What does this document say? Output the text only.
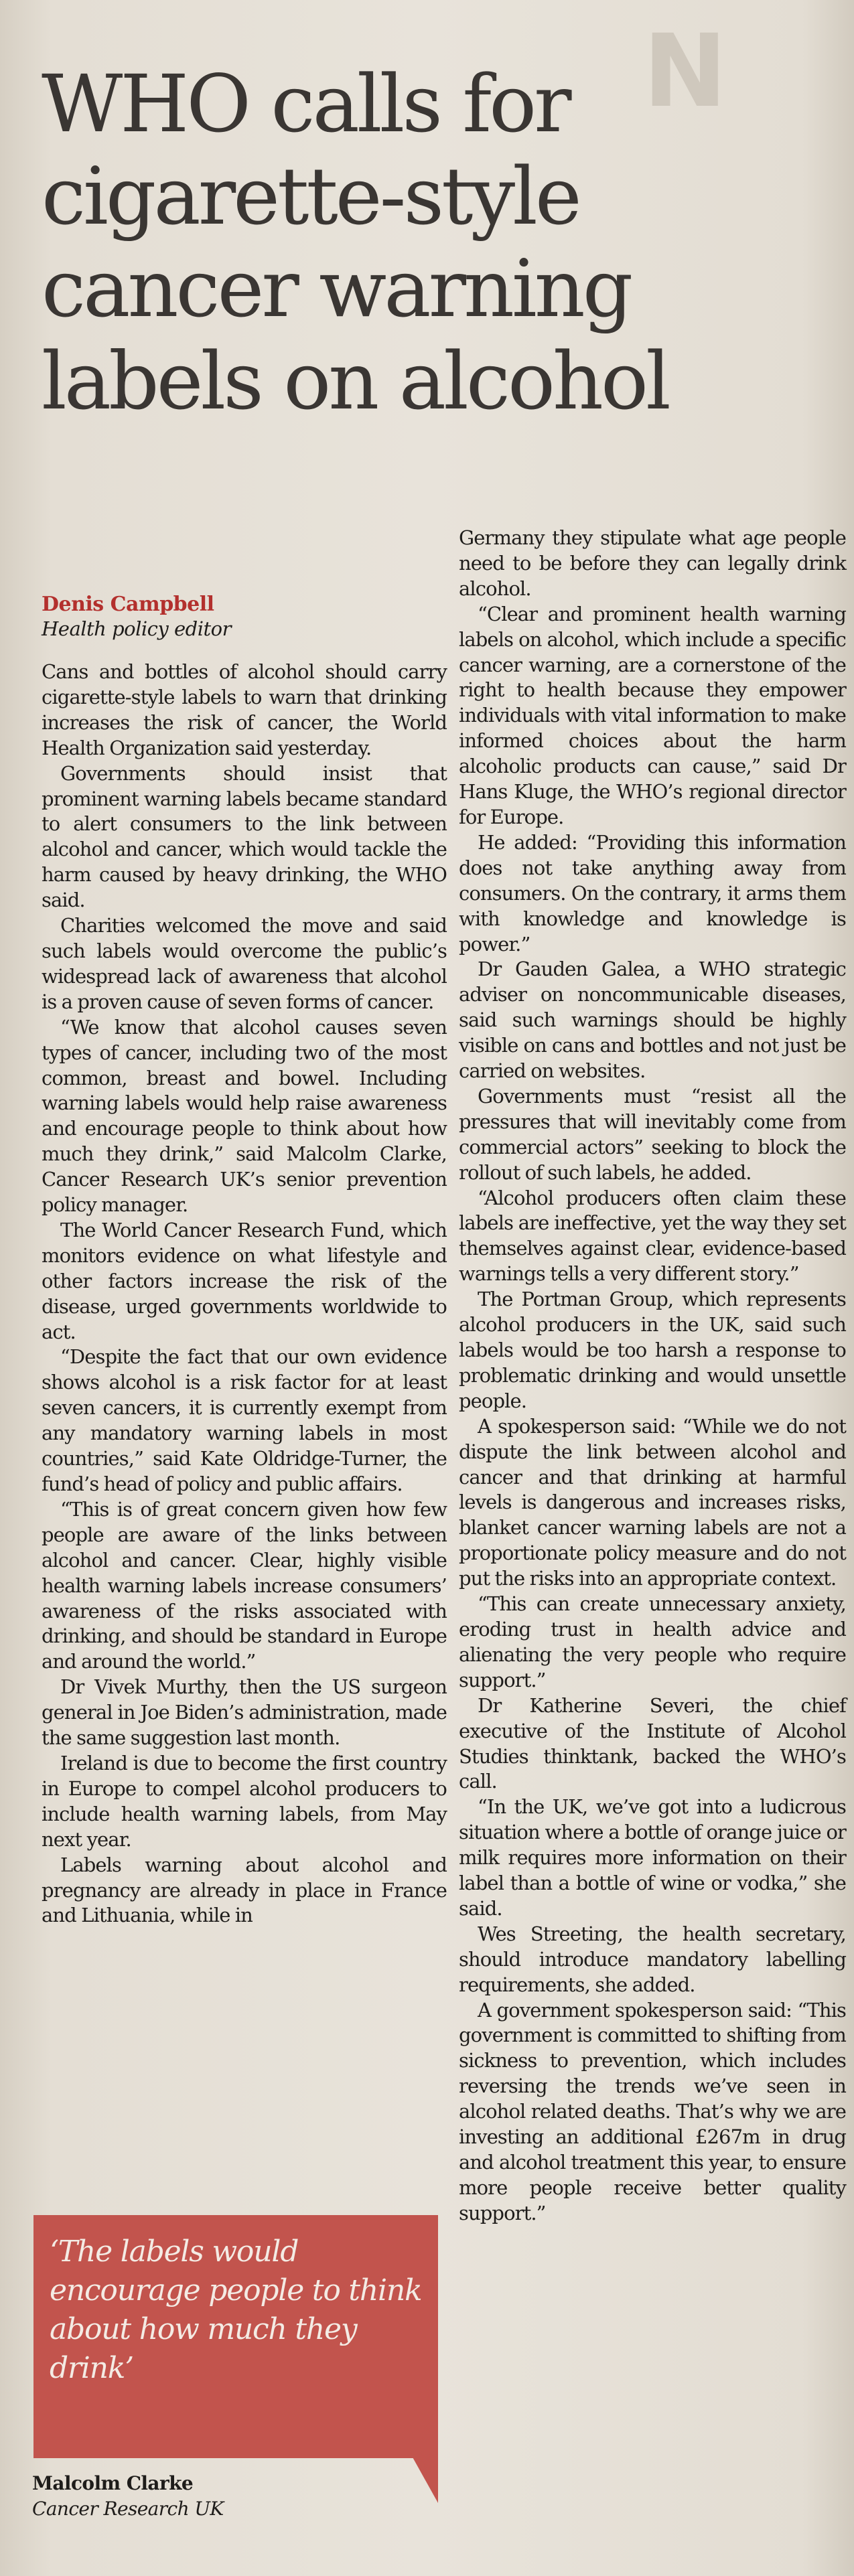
N
WHO calls for cigarette-style cancer warning labels on alcohol
Denis Campbell
Health policy editor

Cans and bottles of alcohol should carry cigarette-style labels to warn that drinking increases the risk of cancer, the World Health Organization said yesterday.

Governments should insist that prominent warning labels became standard to alert consumers to the link between alcohol and cancer, which would tackle the harm caused by heavy drinking, the WHO said.

Charities welcomed the move and said such labels would overcome the public’s widespread lack of awareness that alcohol is a proven cause of seven forms of cancer.

“We know that alcohol causes seven types of cancer, including two of the most common, breast and bowel. Including warning labels would help raise awareness and encourage people to think about how much they drink,” said Malcolm Clarke, Cancer Research UK’s senior prevention policy manager.

The World Cancer Research Fund, which monitors evidence on what lifestyle and other factors increase the risk of the disease, urged governments worldwide to act.

“Despite the fact that our own evidence shows alcohol is a risk factor for at least seven cancers, it is currently exempt from any mandatory warning labels in most countries,” said Kate Oldridge-Turner, the fund’s head of policy and public affairs.

“This is of great concern given how few people are aware of the links between alcohol and cancer. Clear, highly visible health warning labels increase consumers’ awareness of the risks associated with drinking, and should be standard in Europe and around the world.”

Dr Vivek Murthy, then the US surgeon general in Joe Biden’s administration, made the same suggestion last month.

Ireland is due to become the first country in Europe to compel alcohol producers to include health warning labels, from May next year.

Labels warning about alcohol and pregnancy are already in place in France and Lithuania, while in

Germany they stipulate what age people need to be before they can legally drink alcohol.

“Clear and prominent health warning labels on alcohol, which include a specific cancer warning, are a cornerstone of the right to health because they empower individuals with vital information to make informed choices about the harm alcoholic products can cause,” said Dr Hans Kluge, the WHO’s regional director for Europe.

He added: “Providing this information does not take anything away from consumers. On the contrary, it arms them with knowledge and knowledge is power.”

Dr Gauden Galea, a WHO strategic adviser on noncommunicable diseases, said such warnings should be highly visible on cans and bottles and not just be carried on websites.

Governments must “resist all the pressures that will inevitably come from commercial actors” seeking to block the rollout of such labels, he added.

“Alcohol producers often claim these labels are ineffective, yet the way they set themselves against clear, evidence-based warnings tells a very different story.”

The Portman Group, which represents alcohol producers in the UK, said such labels would be too harsh a response to problematic drinking and would unsettle people.

A spokesperson said: “While we do not dispute the link between alcohol and cancer and that drinking at harmful levels is dangerous and increases risks, blanket cancer warning labels are not a proportionate policy measure and do not put the risks into an appropriate context.

“This can create unnecessary anxiety, eroding trust in health advice and alienating the very people who require support.”

Dr Katherine Severi, the chief executive of the Institute of Alcohol Studies thinktank, backed the WHO’s call.

“In the UK, we’ve got into a ludicrous situation where a bottle of orange juice or milk requires more information on their label than a bottle of wine or vodka,” she said.

Wes Streeting, the health secretary, should introduce mandatory labelling requirements, she added.

A government spokesperson said: “This government is committed to shifting from sickness to prevention, which includes reversing the trends we’ve seen in alcohol related deaths. That’s why we are investing an additional £267m in drug and alcohol treatment this year, to ensure more people receive better quality support.”

‘The labels would encourage people to think about how much they drink’

Malcolm Clarke
Cancer Research UK
